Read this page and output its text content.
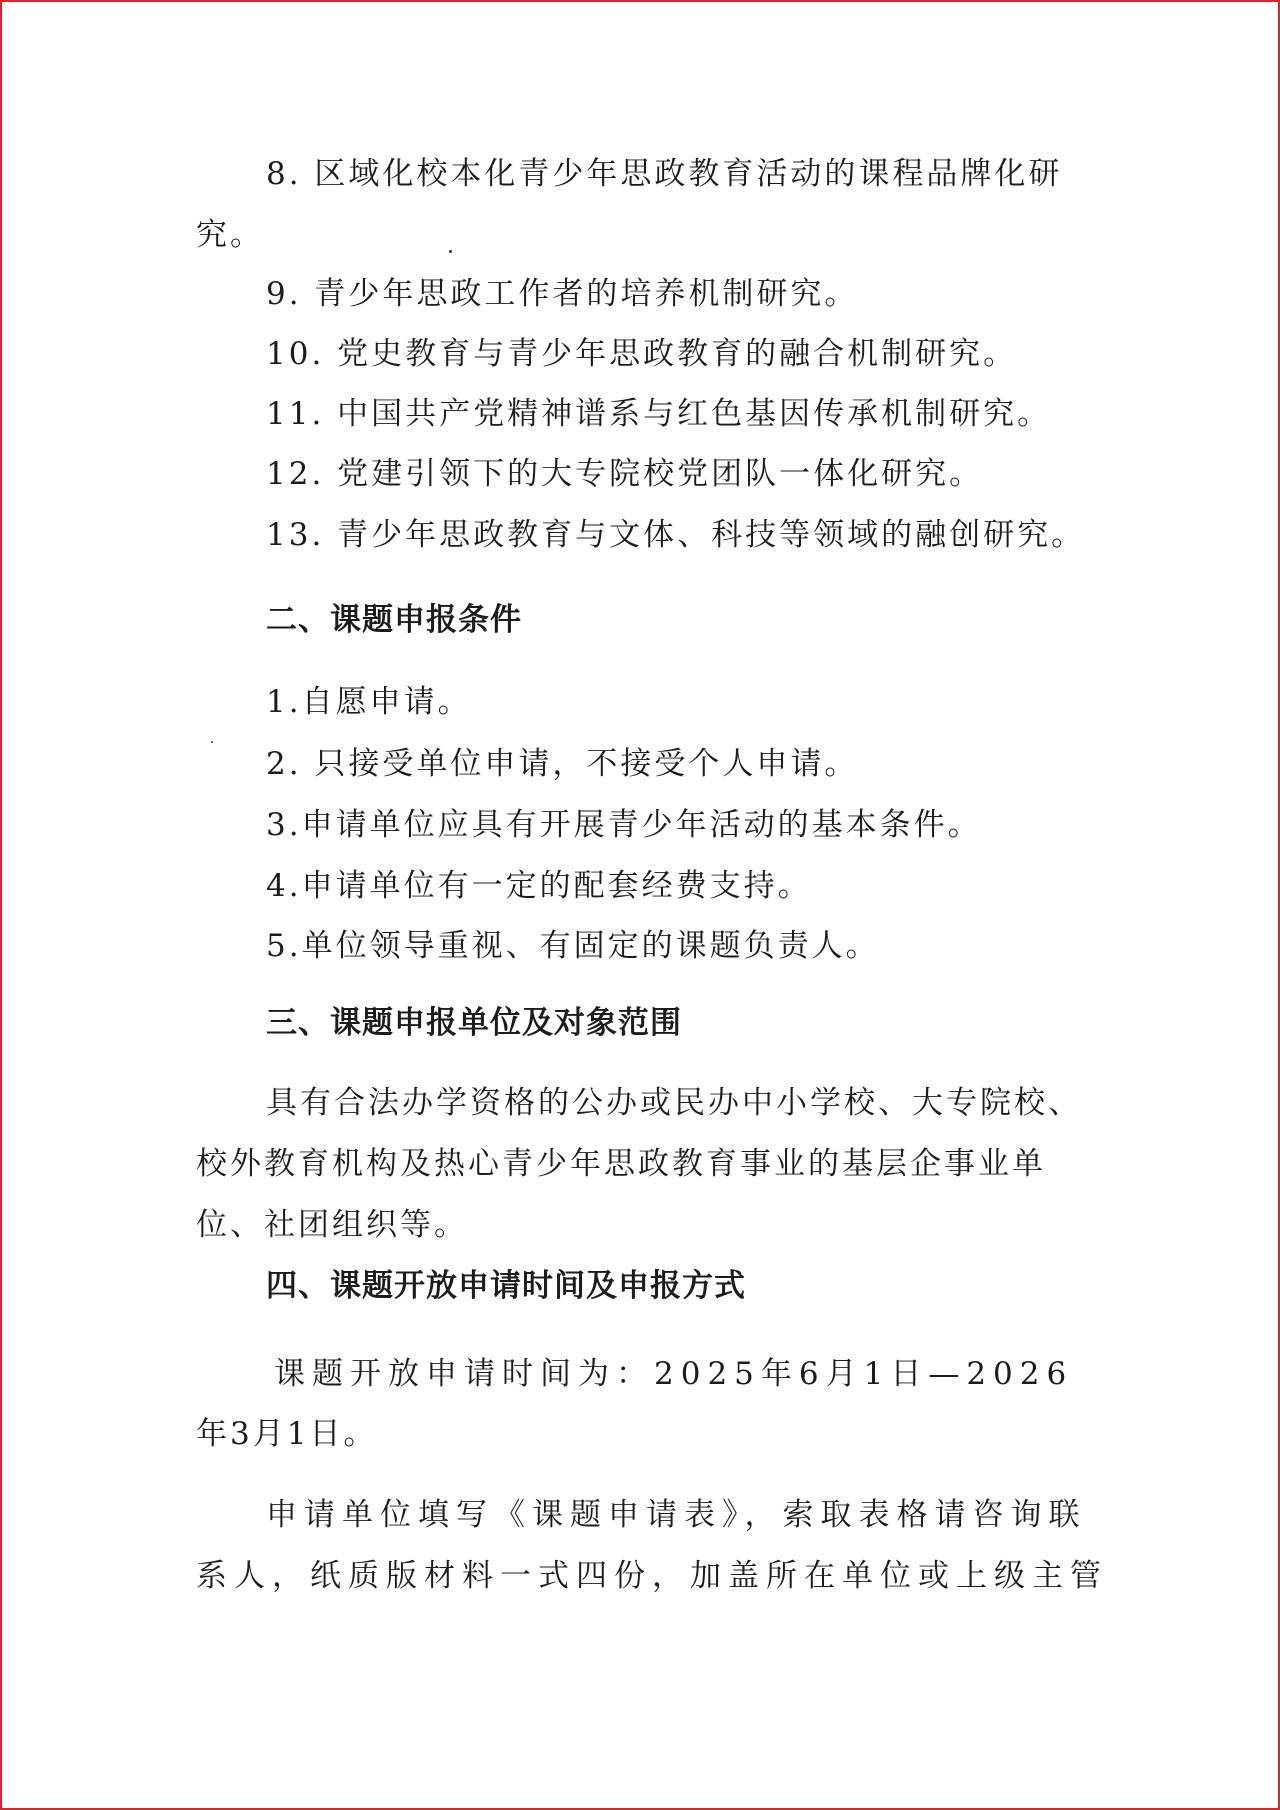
8. 区域化校本化青少年思政教育活动的课程品牌化研
究。
9. 青少年思政工作者的培养机制研究。
10. 党史教育与青少年思政教育的融合机制研究。
11. 中国共产党精神谱系与红色基因传承机制研究。
12. 党建引领下的大专院校党团队一体化研究。
13. 青少年思政教育与文体、科技等领域的融创研究。
二、课题申报条件
1.自愿申请。
2. 只接受单位申请，不接受个人申请。
3.申请单位应具有开展青少年活动的基本条件。
4.申请单位有一定的配套经费支持。
5.单位领导重视、有固定的课题负责人。
三、课题申报单位及对象范围
具有合法办学资格的公办或民办中小学校、大专院校、
校外教育机构及热心青少年思政教育事业的基层企事业单
位、社团组织等。
四、课题开放申请时间及申报方式
课题开放申请时间为：2025年6月1日—2026
年3月1日。
申请单位填写《课题申请表》，索取表格请咨询联
系人，纸质版材料一式四份，加盖所在单位或上级主管
